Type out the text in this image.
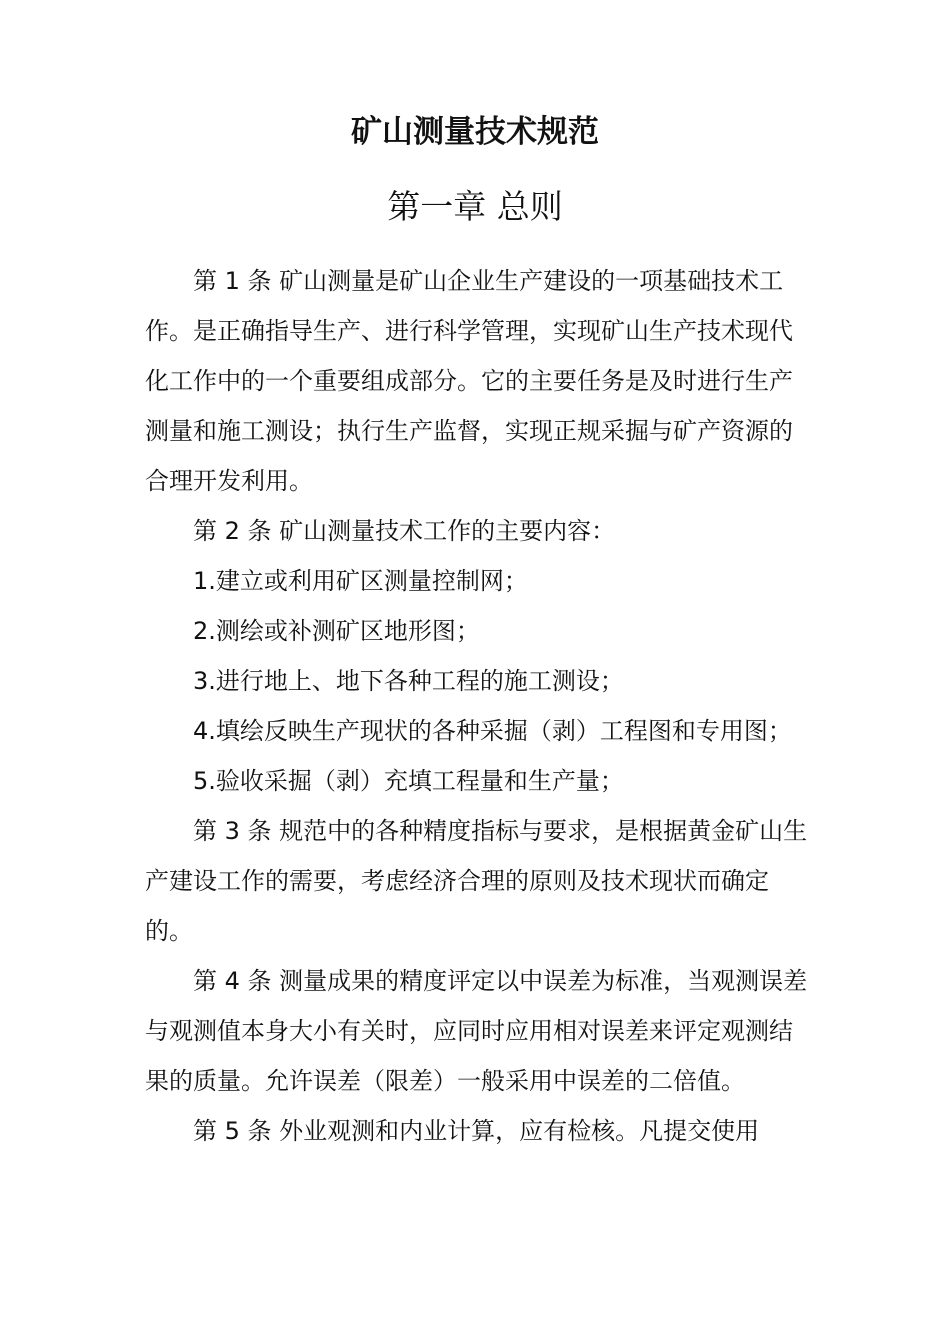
矿山测量技术规范
第一章 总则

第 1 条 矿山测量是矿山企业生产建设的一项基础技术工作。是正确指导生产、进行科学管理，实现矿山生产技术现代化工作中的一个重要组成部分。它的主要任务是及时进行生产测量和施工测设；执行生产监督，实现正规采掘与矿产资源的合理开发利用。

第 2 条 矿山测量技术工作的主要内容：

1.建立或利用矿区测量控制网；

2.测绘或补测矿区地形图；

3.进行地上、地下各种工程的施工测设；

4.填绘反映生产现状的各种采掘（剥）工程图和专用图；

5.验收采掘（剥）充填工程量和生产量；

第 3 条 规范中的各种精度指标与要求，是根据黄金矿山生产建设工作的需要，考虑经济合理的原则及技术现状而确定的。

第 4 条 测量成果的精度评定以中误差为标准，当观测误差与观测值本身大小有关时，应同时应用相对误差来评定观测结果的质量。允许误差（限差）一般采用中误差的二倍值。

第 5 条 外业观测和内业计算，应有检核。凡提交使用
